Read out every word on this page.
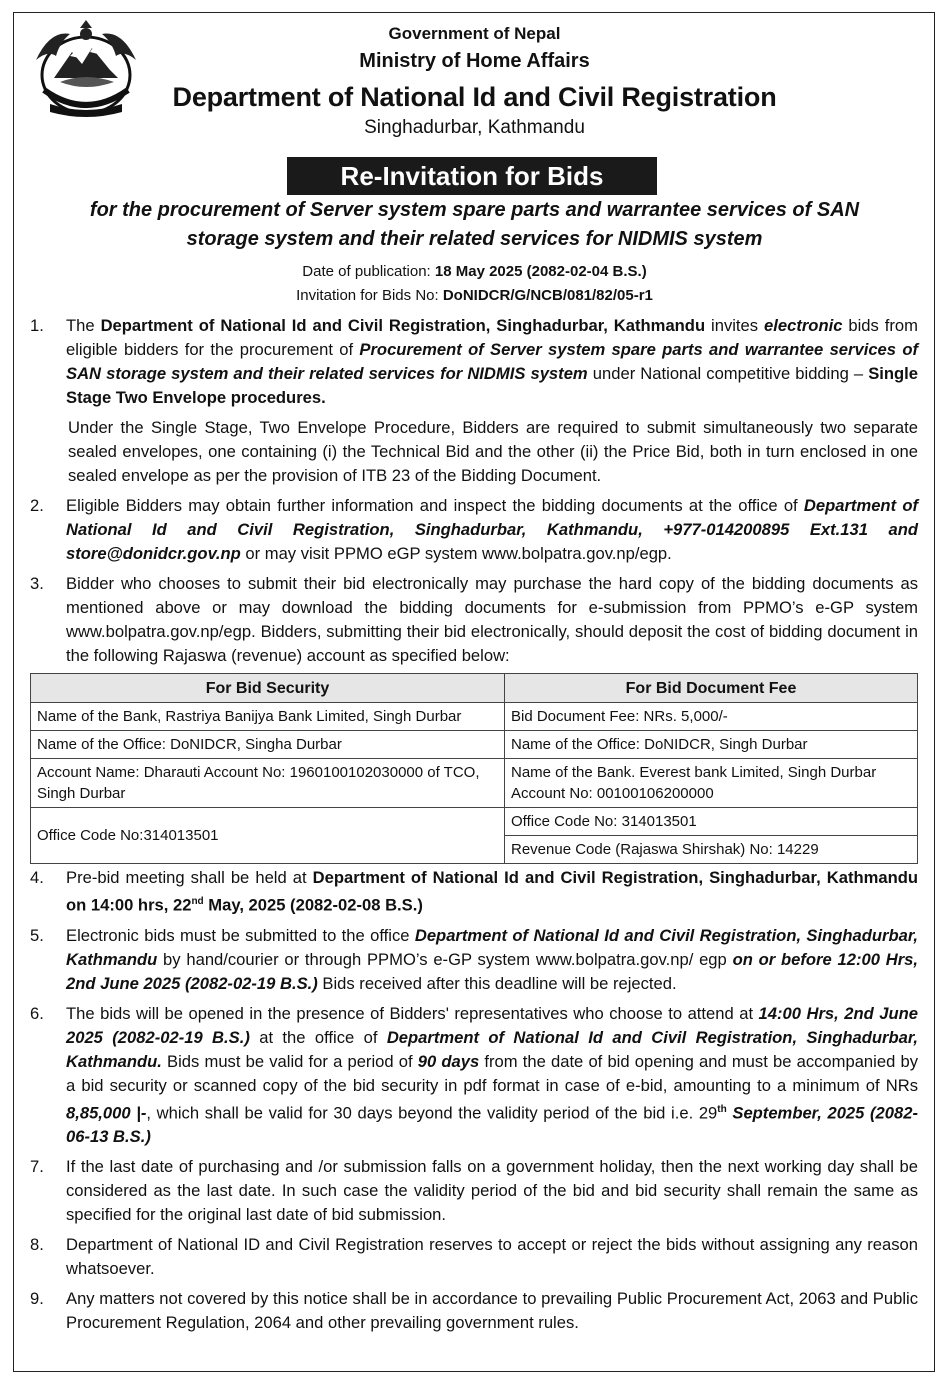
Government of Nepal
Ministry of Home Affairs
Department of National Id and Civil Registration
Singhadurbar, Kathmandu
Re-Invitation for Bids
for the procurement of Server system spare parts and warrantee services of SAN
storage system and their related services for NIDMIS system
Date of publication: 18 May 2025 (2082-02-04 B.S.)
Invitation for Bids No: DoNIDCR/G/NCB/081/82/05-r1
1. The Department of National Id and Civil Registration, Singhadurbar, Kathmandu invites electronic bids from eligible bidders for the procurement of Procurement of Server system spare parts and warrantee services of SAN storage system and their related services for NIDMIS system under National competitive bidding – Single Stage Two Envelope procedures.
Under the Single Stage, Two Envelope Procedure, Bidders are required to submit simultaneously two separate sealed envelopes, one containing (i) the Technical Bid and the other (ii) the Price Bid, both in turn enclosed in one sealed envelope as per the provision of ITB 23 of the Bidding Document.
2. Eligible Bidders may obtain further information and inspect the bidding documents at the office of Department of National Id and Civil Registration, Singhadurbar, Kathmandu, +977-014200895 Ext.131 and store@donidcr.gov.np or may visit PPMO eGP system www.bolpatra.gov.np/egp.
3. Bidder who chooses to submit their bid electronically may purchase the hard copy of the bidding documents as mentioned above or may download the bidding documents for e-submission from PPMO’s e-GP system www.bolpatra.gov.np/egp. Bidders, submitting their bid electronically, should deposit the cost of bidding document in the following Rajaswa (revenue) account as specified below:
For Bid Security	For Bid Document Fee
Name of the Bank, Rastriya Banijya Bank Limited, Singh Durbar	Bid Document Fee: NRs. 5,000/-
Name of the Office: DoNIDCR, Singha Durbar	Name of the Office: DoNIDCR, Singh Durbar
Account Name: Dharauti Account No: 1960100102030000 of TCO, Singh Durbar	Name of the Bank. Everest bank Limited, Singh Durbar Account No: 00100106200000
Office Code No:314013501	Office Code No: 314013501
	Revenue Code (Rajaswa Shirshak) No: 14229
4. Pre-bid meeting shall be held at Department of National Id and Civil Registration, Singhadurbar, Kathmandu on 14:00 hrs, 22nd May, 2025 (2082-02-08 B.S.)
5. Electronic bids must be submitted to the office Department of National Id and Civil Registration, Singhadurbar, Kathmandu by hand/courier or through PPMO’s e-GP system www.bolpatra.gov.np/ egp on or before 12:00 Hrs, 2nd June 2025 (2082-02-19 B.S.) Bids received after this deadline will be rejected.
6. The bids will be opened in the presence of Bidders' representatives who choose to attend at 14:00 Hrs, 2nd June 2025 (2082-02-19 B.S.) at the office of Department of National Id and Civil Registration, Singhadurbar, Kathmandu. Bids must be valid for a period of 90 days from the date of bid opening and must be accompanied by a bid security or scanned copy of the bid security in pdf format in case of e-bid, amounting to a minimum of NRs 8,85,000 |-, which shall be valid for 30 days beyond the validity period of the bid i.e. 29th September, 2025 (2082-06-13 B.S.)
7. If the last date of purchasing and /or submission falls on a government holiday, then the next working day shall be considered as the last date. In such case the validity period of the bid and bid security shall remain the same as specified for the original last date of bid submission.
8. Department of National ID and Civil Registration reserves to accept or reject the bids without assigning any reason whatsoever.
9. Any matters not covered by this notice shall be in accordance to prevailing Public Procurement Act, 2063 and Public Procurement Regulation, 2064 and other prevailing government rules.
